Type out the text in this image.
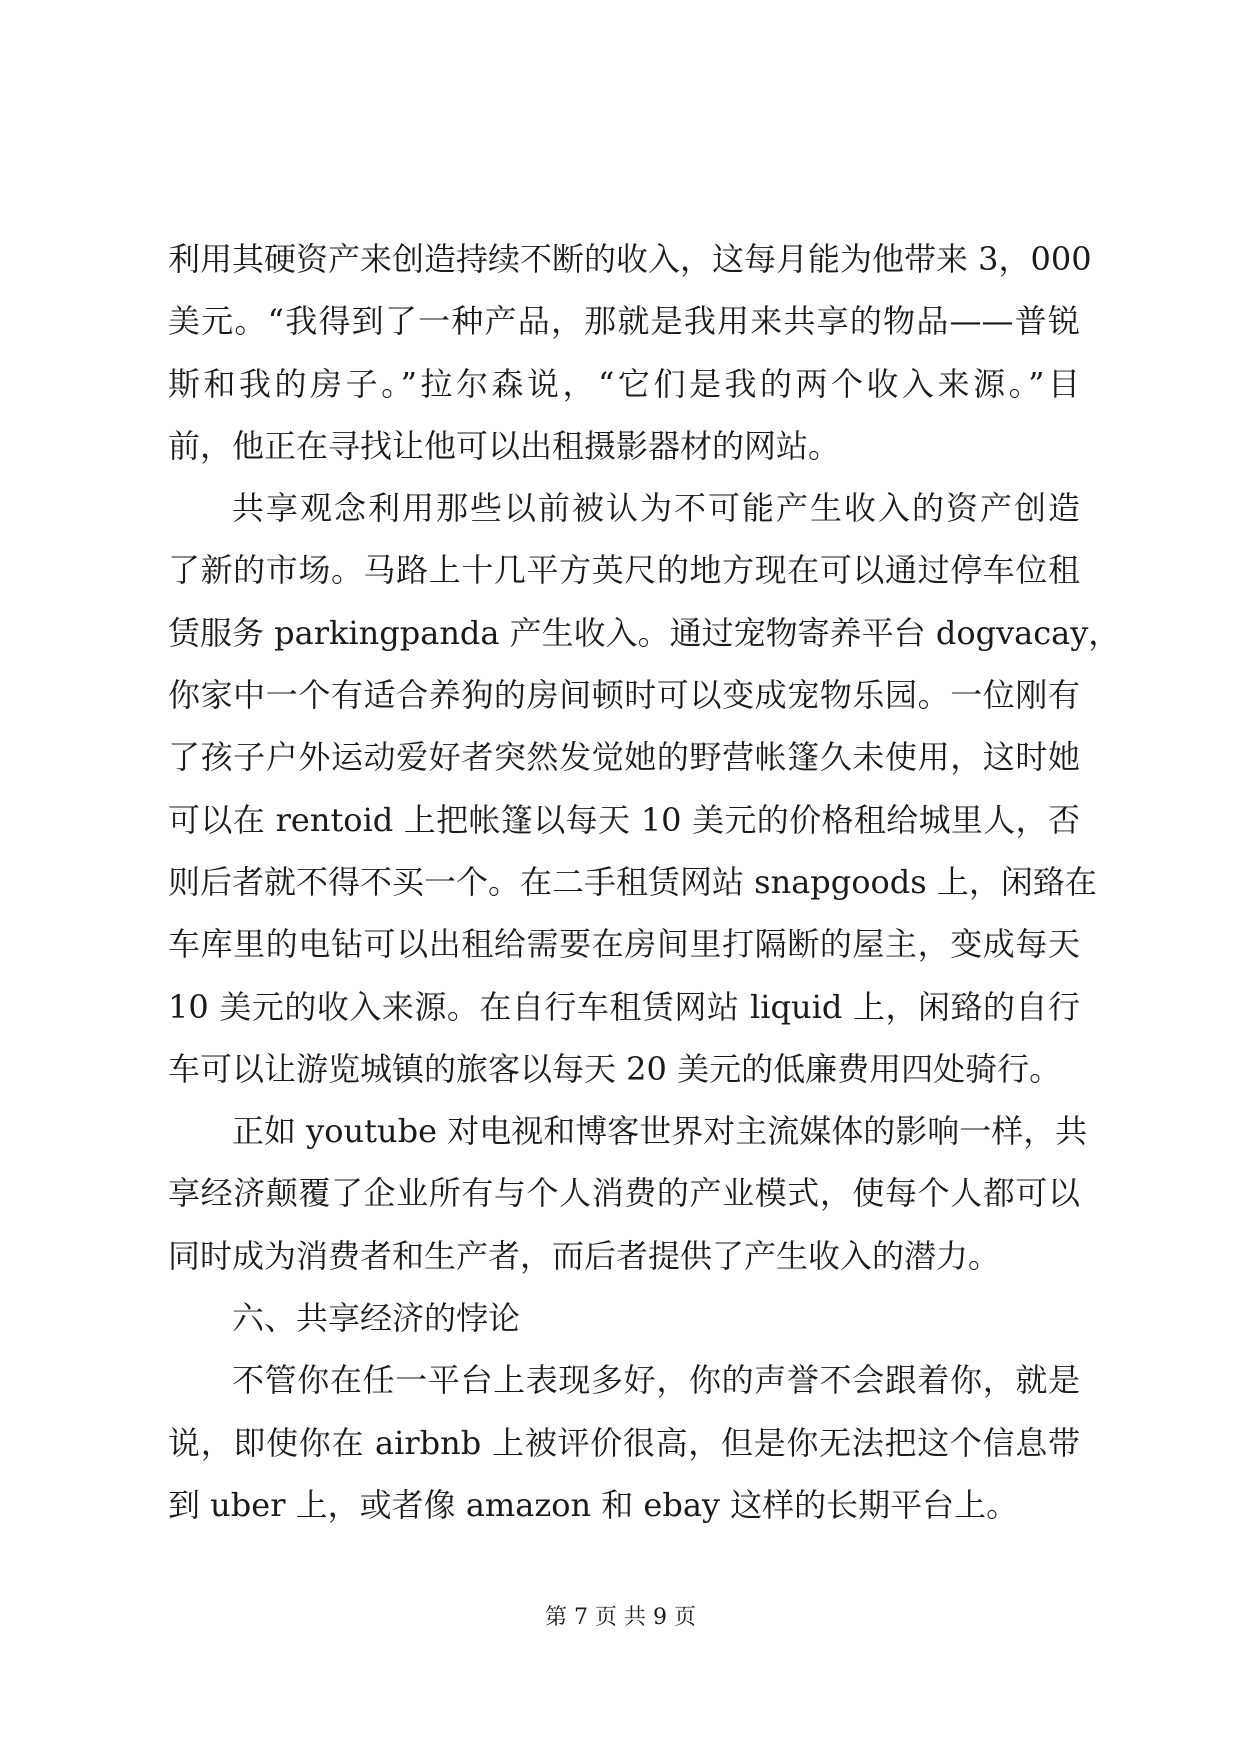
利用其硬资产来创造持续不断的收入，这每月能为他带来 3，000
美元。“我得到了一种产品，那就是我用来共享的物品——普锐
斯和我的房子。”拉尔森说，“它们是我的两个收入来源。”目
前，他正在寻找让他可以出租摄影器材的网站。
共享观念利用那些以前被认为不可能产生收入的资产创造
了新的市场。马路上十几平方英尺的地方现在可以通过停车位租
赁服务 parkingpanda 产生收入。通过宠物寄养平台 dogvacay，
你家中一个有适合养狗的房间顿时可以变成宠物乐园。一位刚有
了孩子户外运动爱好者突然发觉她的野营帐篷久未使用，这时她
可以在 rentoid 上把帐篷以每天 10 美元的价格租给城里人，否
则后者就不得不买一个。在二手租赁网站 snapgoods 上，闲臵在
车库里的电钻可以出租给需要在房间里打隔断的屋主，变成每天
10 美元的收入来源。在自行车租赁网站 liquid 上，闲臵的自行
车可以让游览城镇的旅客以每天 20 美元的低廉费用四处骑行。
正如 youtube 对电视和博客世界对主流媒体的影响一样，共
享经济颠覆了企业所有与个人消费的产业模式，使每个人都可以
同时成为消费者和生产者，而后者提供了产生收入的潜力。
六、共享经济的悖论
不管你在任一平台上表现多好，你的声誉不会跟着你，就是
说，即使你在 airbnb 上被评价很高，但是你无法把这个信息带
到 uber 上，或者像 amazon 和 ebay 这样的长期平台上。
第 7 页 共 9 页
